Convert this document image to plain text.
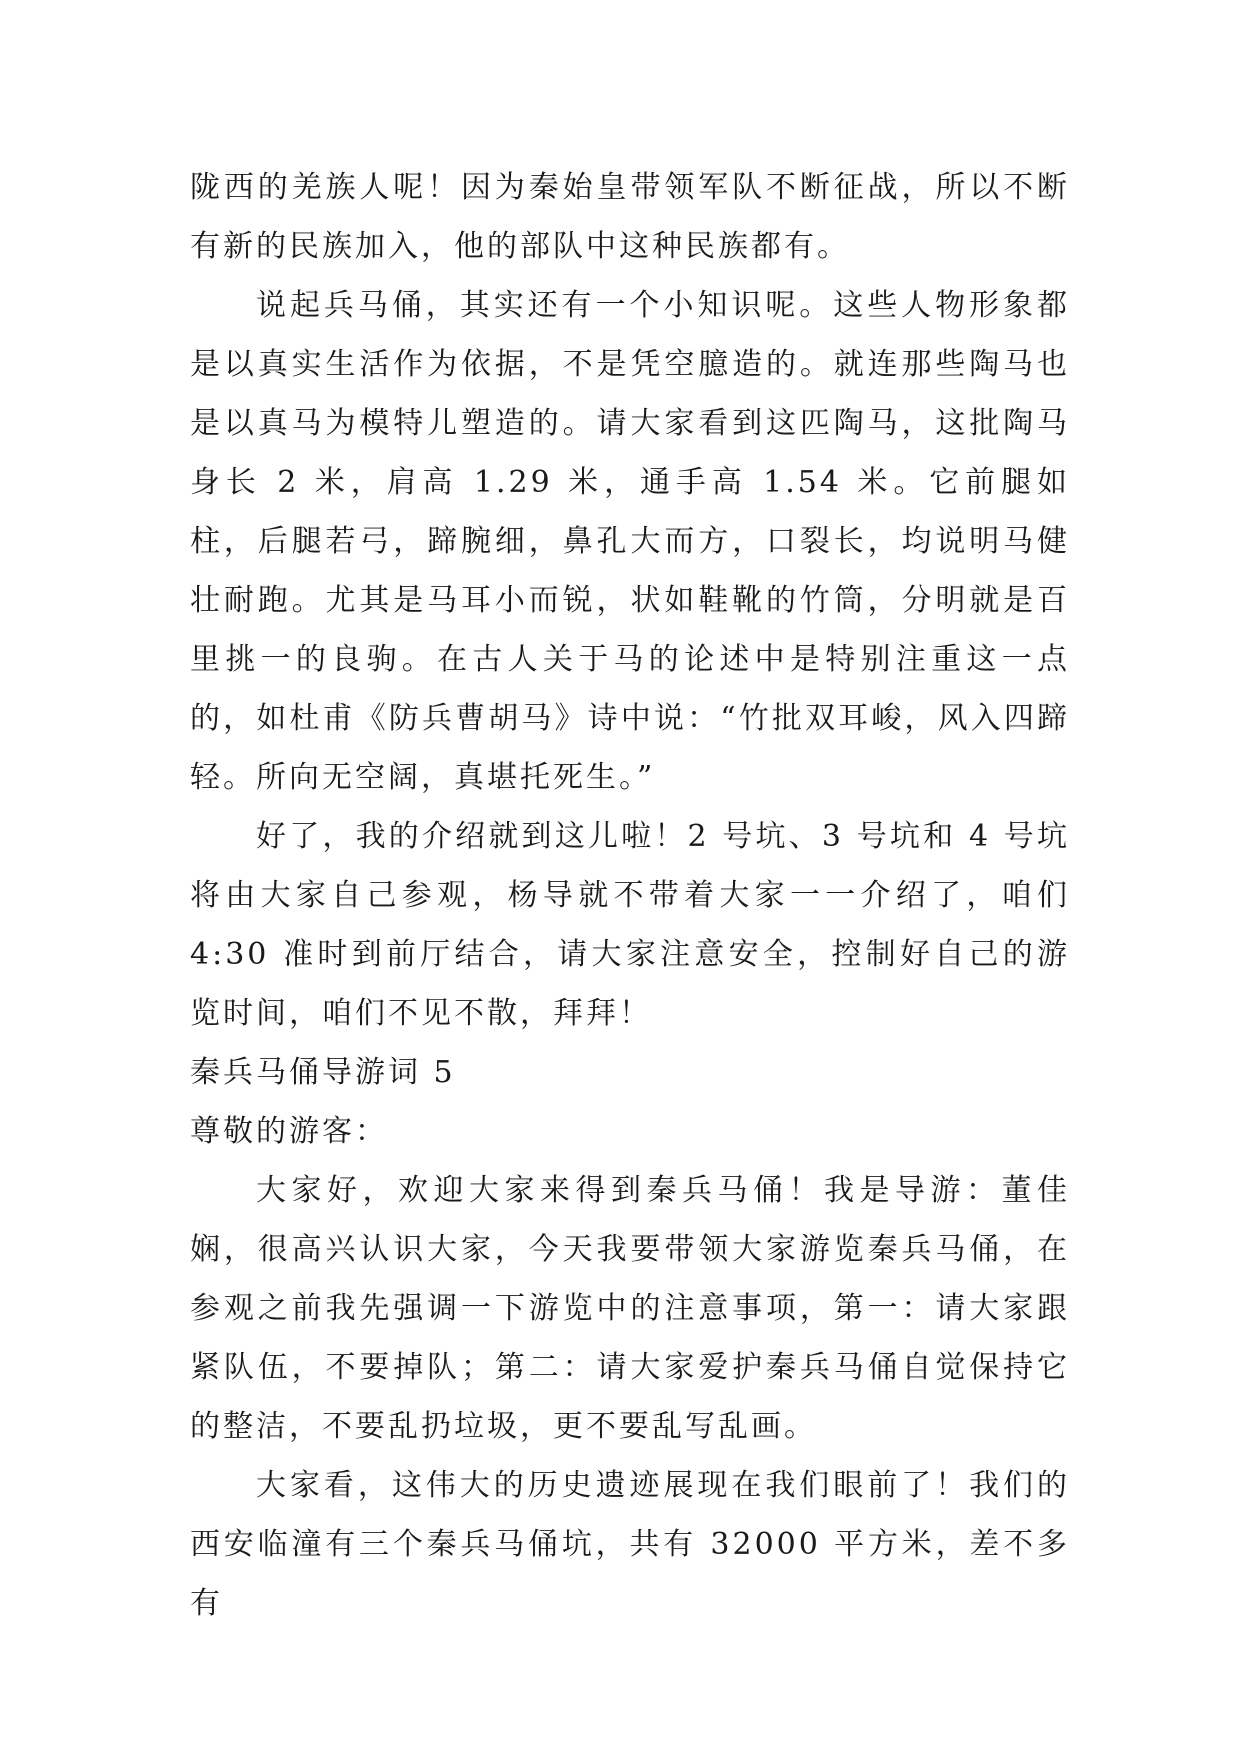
陇西的羌族人呢！因为秦始皇带领军队不断征战，所以不断有新的民族加入，他的部队中这种民族都有。

说起兵马俑，其实还有一个小知识呢。这些人物形象都是以真实生活作为依据，不是凭空臆造的。就连那些陶马也是以真马为模特儿塑造的。请大家看到这匹陶马，这批陶马身长 2 米，肩高 1.29 米，通手高 1.54 米。它前腿如柱，后腿若弓，蹄腕细，鼻孔大而方，口裂长，均说明马健壮耐跑。尤其是马耳小而锐，状如鞋靴的竹筒，分明就是百里挑一的良驹。在古人关于马的论述中是特别注重这一点的，如杜甫《防兵曹胡马》诗中说：“竹批双耳峻，风入四蹄轻。所向无空阔，真堪托死生。”

好了，我的介绍就到这儿啦！2 号坑、3 号坑和 4 号坑将由大家自己参观，杨导就不带着大家一一介绍了，咱们 4:30 准时到前厅结合，请大家注意安全，控制好自己的游览时间，咱们不见不散，拜拜！

秦兵马俑导游词 5

尊敬的游客：

大家好，欢迎大家来得到秦兵马俑！我是导游：董佳娴，很高兴认识大家，今天我要带领大家游览秦兵马俑，在参观之前我先强调一下游览中的注意事项，第一：请大家跟紧队伍，不要掉队；第二：请大家爱护秦兵马俑自觉保持它的整洁，不要乱扔垃圾，更不要乱写乱画。

大家看，这伟大的历史遗迹展现在我们眼前了！我们的西安临潼有三个秦兵马俑坑，共有 32000 平方米，差不多有
